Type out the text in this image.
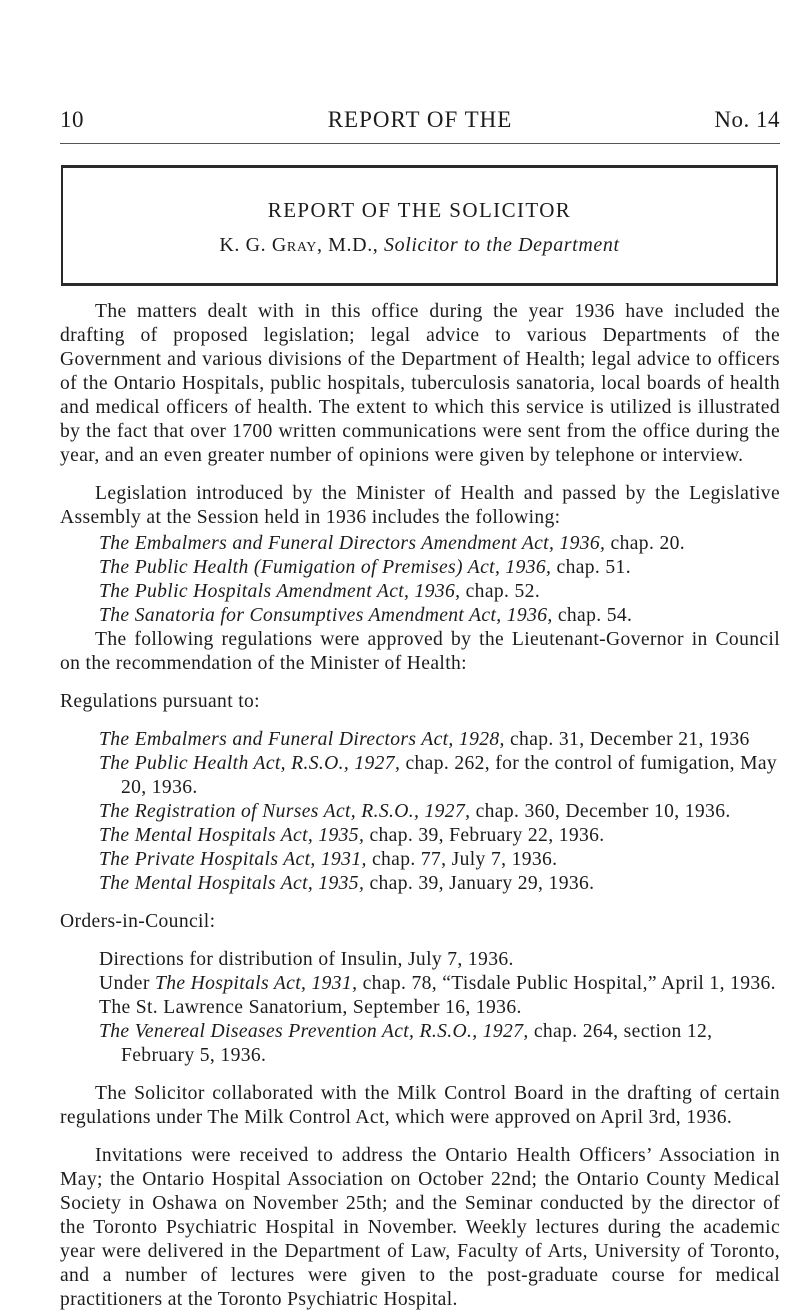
10	REPORT OF THE	No. 14
REPORT OF THE SOLICITOR
K. G. Gray, M.D., Solicitor to the Department

The matters dealt with in this office during the year 1936 have included the drafting of proposed legislation; legal advice to various Departments of the Government and various divisions of the Department of Health; legal advice to officers of the Ontario Hospitals, public hospitals, tuberculosis sanatoria, local boards of health and medical officers of health. The extent to which this service is utilized is illustrated by the fact that over 1700 written communications were sent from the office during the year, and an even greater number of opinions were given by telephone or interview.

Legislation introduced by the Minister of Health and passed by the Legislative Assembly at the Session held in 1936 includes the following:

The Embalmers and Funeral Directors Amendment Act, 1936, chap. 20.
The Public Health (Fumigation of Premises) Act, 1936, chap. 51.
The Public Hospitals Amendment Act, 1936, chap. 52.
The Sanatoria for Consumptives Amendment Act, 1936, chap. 54.

The following regulations were approved by the Lieutenant-Governor in Council on the recommendation of the Minister of Health:

Regulations pursuant to:

The Embalmers and Funeral Directors Act, 1928, chap. 31, December 21, 1936
The Public Health Act, R.S.O., 1927, chap. 262, for the control of fumigation, May 20, 1936.
The Registration of Nurses Act, R.S.O., 1927, chap. 360, December 10, 1936.
The Mental Hospitals Act, 1935, chap. 39, February 22, 1936.
The Private Hospitals Act, 1931, chap. 77, July 7, 1936.
The Mental Hospitals Act, 1935, chap. 39, January 29, 1936.

Orders-in-Council:

Directions for distribution of Insulin, July 7, 1936.
Under The Hospitals Act, 1931, chap. 78, “Tisdale Public Hospital,” April 1, 1936.
The St. Lawrence Sanatorium, September 16, 1936.
The Venereal Diseases Prevention Act, R.S.O., 1927, chap. 264, section 12, February 5, 1936.

The Solicitor collaborated with the Milk Control Board in the drafting of certain regulations under The Milk Control Act, which were approved on April 3rd, 1936.

Invitations were received to address the Ontario Health Officers’ Association in May; the Ontario Hospital Association on October 22nd; the Ontario County Medical Society in Oshawa on November 25th; and the Seminar conducted by the director of the Toronto Psychiatric Hospital in November. Weekly lectures during the academic year were delivered in the Department of Law, Faculty of Arts, University of Toronto, and a number of lectures were given to the post-graduate course for medical practitioners at the Toronto Psychiatric Hospital.
